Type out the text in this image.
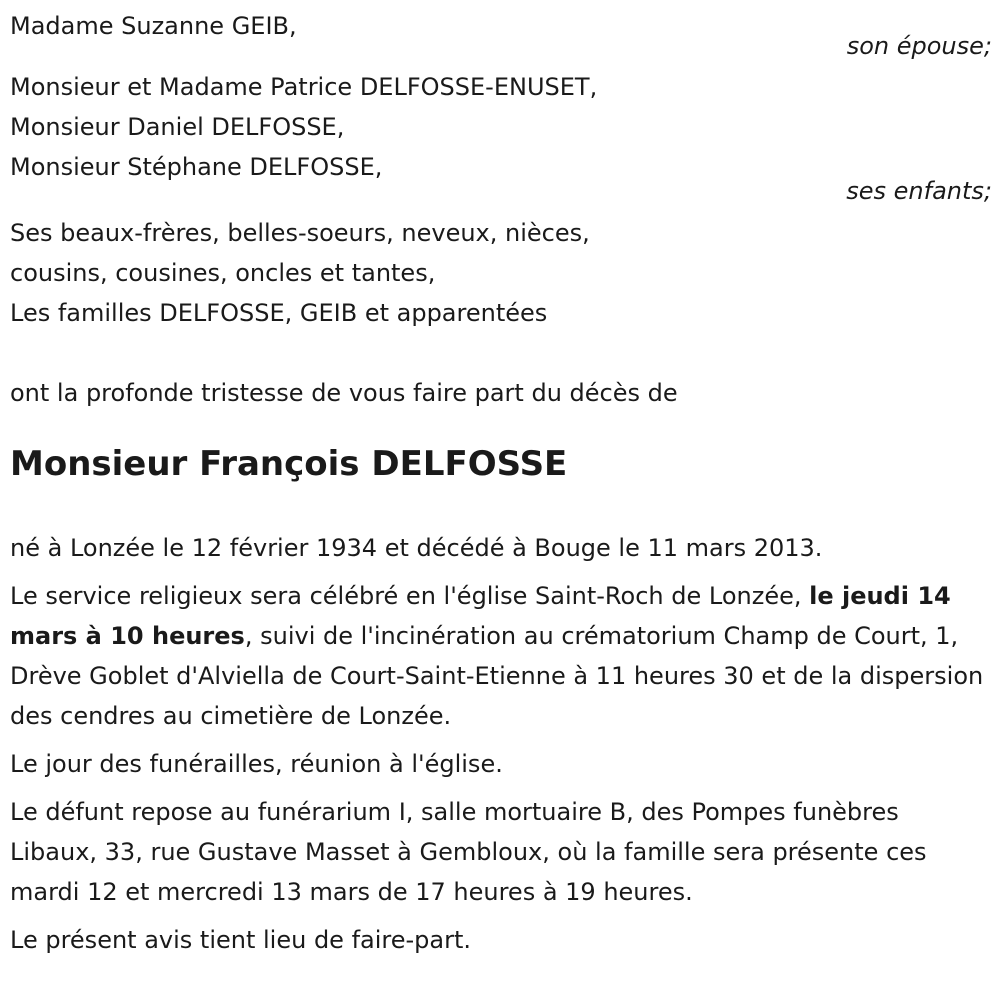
Madame Suzanne GEIB,
son épouse;
Monsieur et Madame Patrice DELFOSSE-ENUSET,
Monsieur Daniel DELFOSSE,
Monsieur Stéphane DELFOSSE,
ses enfants;
Ses beaux-frères, belles-soeurs, neveux, nièces,
cousins, cousines, oncles et tantes,
Les familles DELFOSSE, GEIB et apparentées
ont la profonde tristesse de vous faire part du décès de
Monsieur François DELFOSSE

né à Lonzée le 12 février 1934 et décédé à Bouge le 11 mars 2013.

Le service religieux sera célébré en l'église Saint-Roch de Lonzée, le jeudi 14 mars à 10 heures, suivi de l'incinération au crématorium Champ de Court, 1, Drève Goblet d'Alviella de Court-Saint-Etienne à 11 heures 30 et de la dispersion des cendres au cimetière de Lonzée.

Le jour des funérailles, réunion à l'église.

Le défunt repose au funérarium I, salle mortuaire B, des Pompes funèbres Libaux, 33, rue Gustave Masset à Gembloux, où la famille sera présente ces mardi 12 et mercredi 13 mars de 17 heures à 19 heures.

Le présent avis tient lieu de faire-part.
